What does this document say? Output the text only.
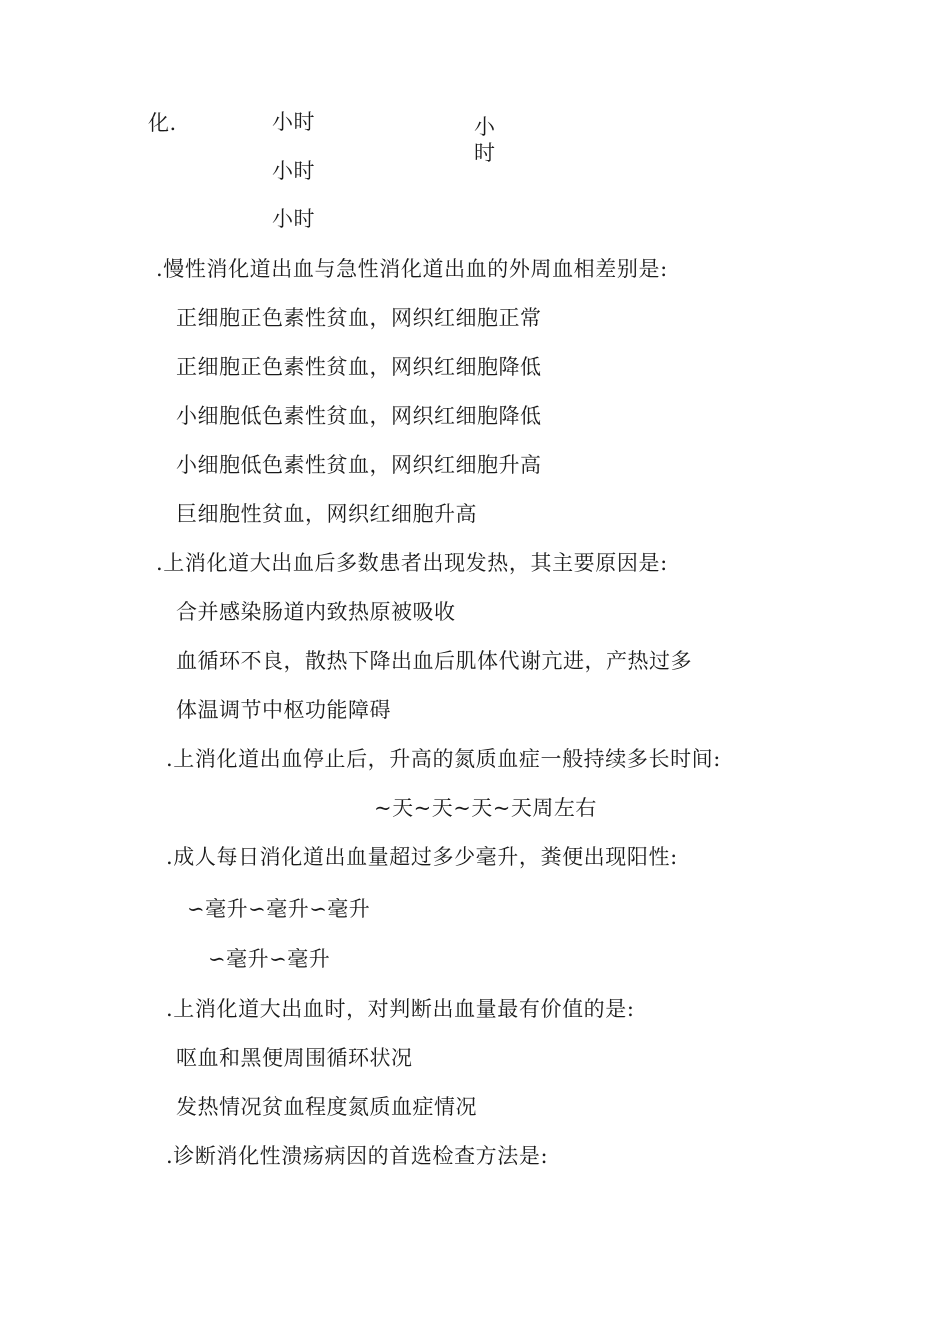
化.	小时
小时
小时
小时
.慢性消化道出血与急性消化道出血的外周血相差别是:
正细胞正色素性贫血，网织红细胞正常
正细胞正色素性贫血，网织红细胞降低
小细胞低色素性贫血，网织红细胞降低
小细胞低色素性贫血，网织红细胞升高
巨细胞性贫血，网织红细胞升高
.上消化道大出血后多数患者出现发热，其主要原因是:
合并感染肠道内致热原被吸收
血循环不良，散热下降出血后肌体代谢亢进，产热过多
体温调节中枢功能障碍
.上消化道出血停止后，升高的氮质血症一般持续多长时间:
~天~天~天~天周左右
.成人每日消化道出血量超过多少毫升，粪便出现阳性:
∽毫升∽毫升∽毫升
∽毫升∽毫升
.上消化道大出血时，对判断出血量最有价值的是:
呕血和黑便周围循环状况
发热情况贫血程度氮质血症情况
.诊断消化性溃疡病因的首选检查方法是:
